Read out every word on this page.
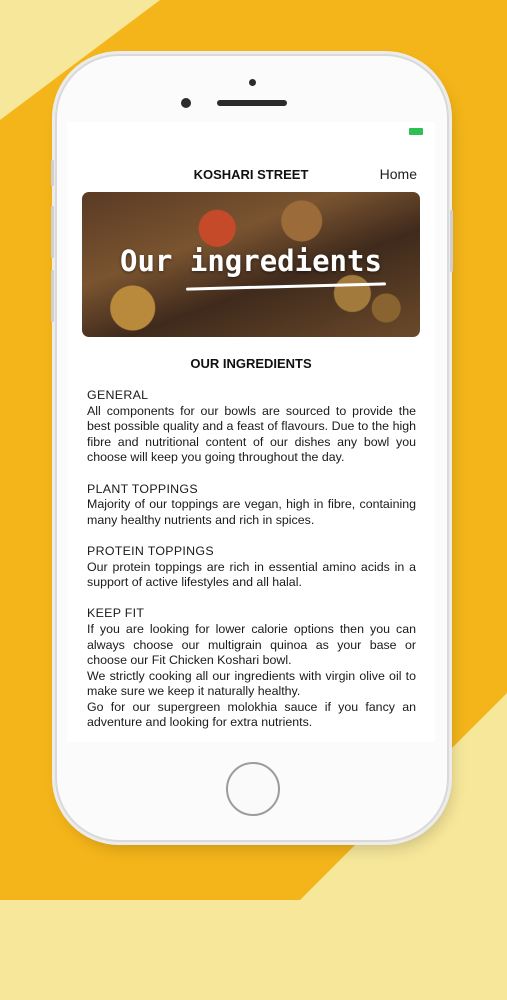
KOSHARI STREET	Home
Our ingredients
OUR INGREDIENTS
GENERAL
All components for our bowls are sourced to provide the best possible quality and a feast of flavours. Due to the high fibre and nutritional content of our dishes any bowl you choose will keep you going throughout the day.
PLANT TOPPINGS
Majority of our toppings are vegan, high in fibre, containing many healthy nutrients and rich in spices.
PROTEIN TOPPINGS
Our protein toppings are rich in essential amino acids in a support of active lifestyles and all halal.
KEEP FIT
If you are looking for lower calorie options then you can always choose our multigrain quinoa as your base or choose our Fit Chicken Koshari bowl.
We strictly cooking all our ingredients with virgin olive oil to make sure we keep it naturally healthy.
Go for our supergreen molokhia sauce if you fancy an adventure and looking for extra nutrients.
